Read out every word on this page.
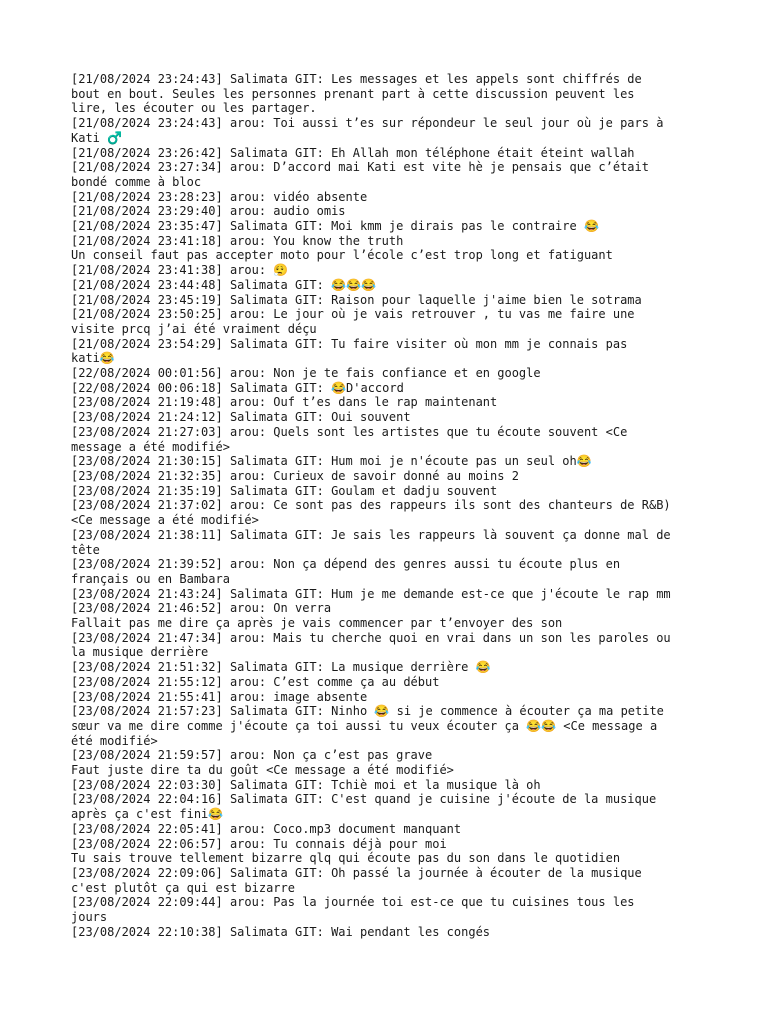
[21/08/2024 23:24:43] Salimata GIT: Les messages et les appels sont chiffrés de
bout en bout. Seules les personnes prenant part à cette discussion peuvent les
lire, les écouter ou les partager.
[21/08/2024 23:24:43] arou: Toi aussi t’es sur répondeur le seul jour où je pars à
Kati ♂️
[21/08/2024 23:26:42] Salimata GIT: Eh Allah mon téléphone était éteint wallah
[21/08/2024 23:27:34] arou: D’accord mai Kati est vite hè je pensais que c’était
bondé comme à bloc
[21/08/2024 23:28:23] arou: vidéo absente
[21/08/2024 23:29:40] arou: audio omis
[21/08/2024 23:35:47] Salimata GIT: Moi kmm je dirais pas le contraire 😂
[21/08/2024 23:41:18] arou: You know the truth
Un conseil faut pas accepter moto pour l’école c’est trop long et fatiguant
[21/08/2024 23:41:38] arou: 😮‍💨
[21/08/2024 23:44:48] Salimata GIT: 😂😂😂
[21/08/2024 23:45:19] Salimata GIT: Raison pour laquelle j'aime bien le sotrama
[21/08/2024 23:50:25] arou: Le jour où je vais retrouver , tu vas me faire une
visite prcq j’ai été vraiment déçu
[21/08/2024 23:54:29] Salimata GIT: Tu faire visiter où mon mm je connais pas
kati😂
[22/08/2024 00:01:56] arou: Non je te fais confiance et en google
[22/08/2024 00:06:18] Salimata GIT: 😂D'accord
[23/08/2024 21:19:48] arou: Ouf t’es dans le rap maintenant
[23/08/2024 21:24:12] Salimata GIT: Oui souvent
[23/08/2024 21:27:03] arou: Quels sont les artistes que tu écoute souvent <Ce
message a été modifié>
[23/08/2024 21:30:15] Salimata GIT: Hum moi je n'écoute pas un seul oh😂
[23/08/2024 21:32:35] arou: Curieux de savoir donné au moins 2
[23/08/2024 21:35:19] Salimata GIT: Goulam et dadju souvent
[23/08/2024 21:37:02] arou: Ce sont pas des rappeurs ils sont des chanteurs de R&B)
<Ce message a été modifié>
[23/08/2024 21:38:11] Salimata GIT: Je sais les rappeurs là souvent ça donne mal de
tête
[23/08/2024 21:39:52] arou: Non ça dépend des genres aussi tu écoute plus en
français ou en Bambara
[23/08/2024 21:43:24] Salimata GIT: Hum je me demande est-ce que j'écoute le rap mm
[23/08/2024 21:46:52] arou: On verra
Fallait pas me dire ça après je vais commencer par t’envoyer des son
[23/08/2024 21:47:34] arou: Mais tu cherche quoi en vrai dans un son les paroles ou
la musique derrière
[23/08/2024 21:51:32] Salimata GIT: La musique derrière 😂
[23/08/2024 21:55:12] arou: C’est comme ça au début
[23/08/2024 21:55:41] arou: image absente
[23/08/2024 21:57:23] Salimata GIT: Ninho 😂 si je commence à écouter ça ma petite
sœur va me dire comme j'écoute ça toi aussi tu veux écouter ça 😂😂 <Ce message a
été modifié>
[23/08/2024 21:59:57] arou: Non ça c’est pas grave
Faut juste dire ta du goût <Ce message a été modifié>
[23/08/2024 22:03:30] Salimata GIT: Tchiè moi et la musique là oh
[23/08/2024 22:04:16] Salimata GIT: C'est quand je cuisine j'écoute de la musique
après ça c'est fini😂
[23/08/2024 22:05:41] arou: Coco.mp3 document manquant
[23/08/2024 22:06:57] arou: Tu connais déjà pour moi
Tu sais trouve tellement bizarre qlq qui écoute pas du son dans le quotidien
[23/08/2024 22:09:06] Salimata GIT: Oh passé la journée à écouter de la musique
c'est plutôt ça qui est bizarre
[23/08/2024 22:09:44] arou: Pas la journée toi est-ce que tu cuisines tous les
jours
[23/08/2024 22:10:38] Salimata GIT: Wai pendant les congés
